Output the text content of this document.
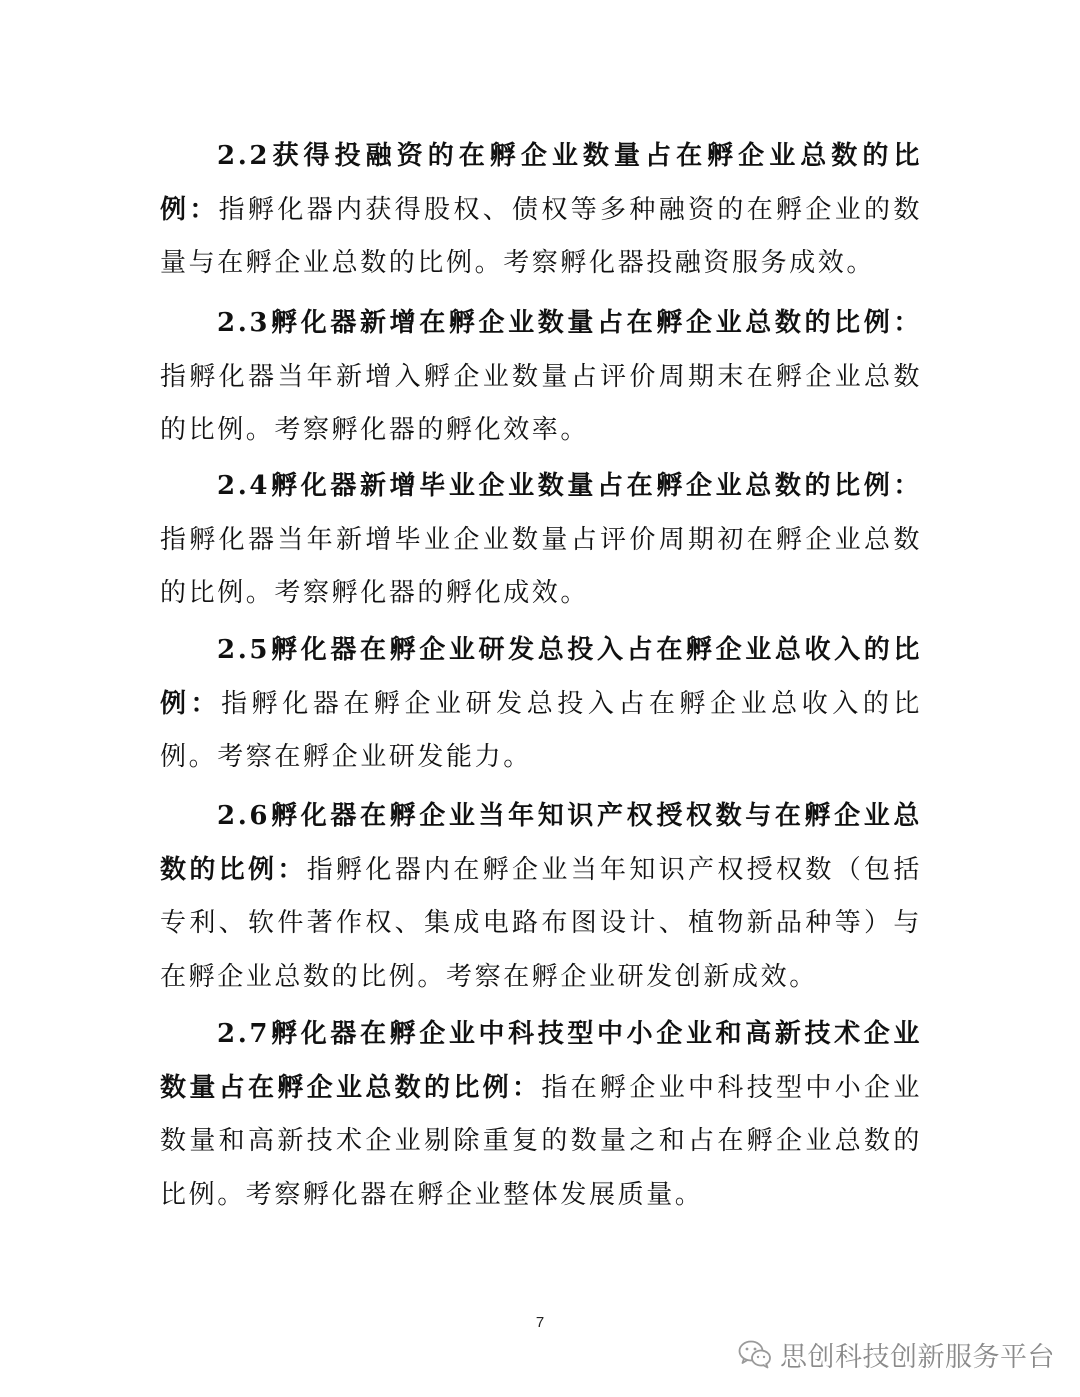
2.2获得投融资的在孵企业数量占在孵企业总数的比例：指孵化器内获得股权、债权等多种融资的在孵企业的数量与在孵企业总数的比例。考察孵化器投融资服务成效。

2.3孵化器新增在孵企业数量占在孵企业总数的比例：指孵化器当年新增入孵企业数量占评价周期末在孵企业总数的比例。考察孵化器的孵化效率。

2.4孵化器新增毕业企业数量占在孵企业总数的比例：指孵化器当年新增毕业企业数量占评价周期初在孵企业总数的比例。考察孵化器的孵化成效。

2.5孵化器在孵企业研发总投入占在孵企业总收入的比例：指孵化器在孵企业研发总投入占在孵企业总收入的比例。考察在孵企业研发能力。

2.6孵化器在孵企业当年知识产权授权数与在孵企业总数的比例：指孵化器内在孵企业当年知识产权授权数（包括专利、软件著作权、集成电路布图设计、植物新品种等）与在孵企业总数的比例。考察在孵企业研发创新成效。

2.7孵化器在孵企业中科技型中小企业和高新技术企业数量占在孵企业总数的比例：指在孵企业中科技型中小企业数量和高新技术企业剔除重复的数量之和占在孵企业总数的比例。考察孵化器在孵企业整体发展质量。

7
思创科技创新服务平台
